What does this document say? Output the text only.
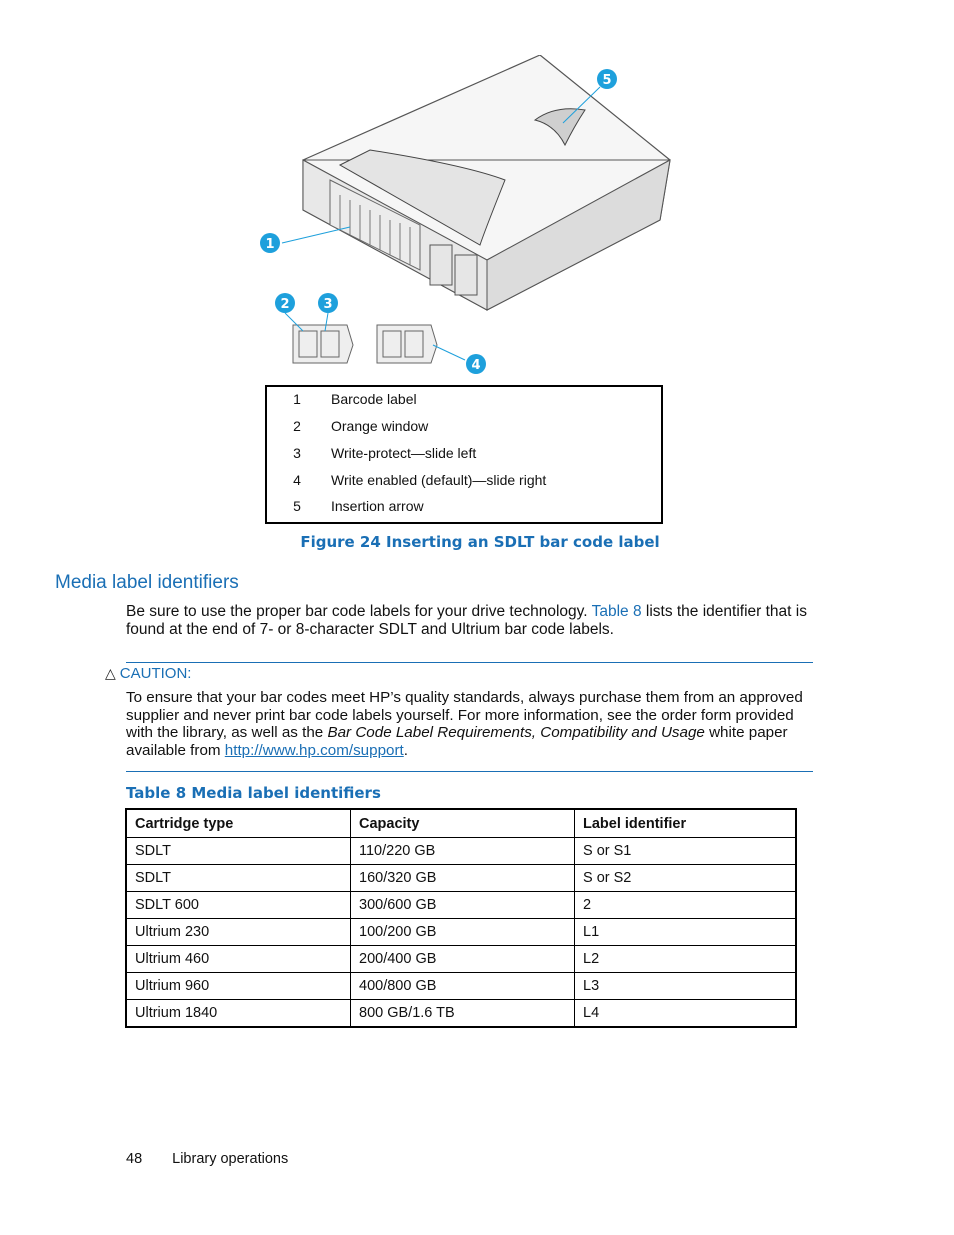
1
2	3
4
5
1 Barcode label
2 Orange window
3 Write-protect—slide left
4 Write enabled (default)—slide right
5 Insertion arrow
Figure 24 Inserting an SDLT bar code label
Media label identifiers
Be sure to use the proper bar code labels for your drive technology. Table 8 lists the identifier that is found at the end of 7- or 8-character SDLT and Ultrium bar code labels.
△ CAUTION:
To ensure that your bar codes meet HP’s quality standards, always purchase them from an approved supplier and never print bar code labels yourself. For more information, see the order form provided with the library, as well as the Bar Code Label Requirements, Compatibility and Usage white paper available from http://www.hp.com/support.
Table 8 Media label identifiers
Cartridge type	Capacity	Label identifier
SDLT	110/220 GB	S or S1
SDLT	160/320 GB	S or S2
SDLT 600	300/600 GB	2
Ultrium 230	100/200 GB	L1
Ultrium 460	200/400 GB	L2
Ultrium 960	400/800 GB	L3
Ultrium 1840	800 GB/1.6 TB	L4
48 Library operations
